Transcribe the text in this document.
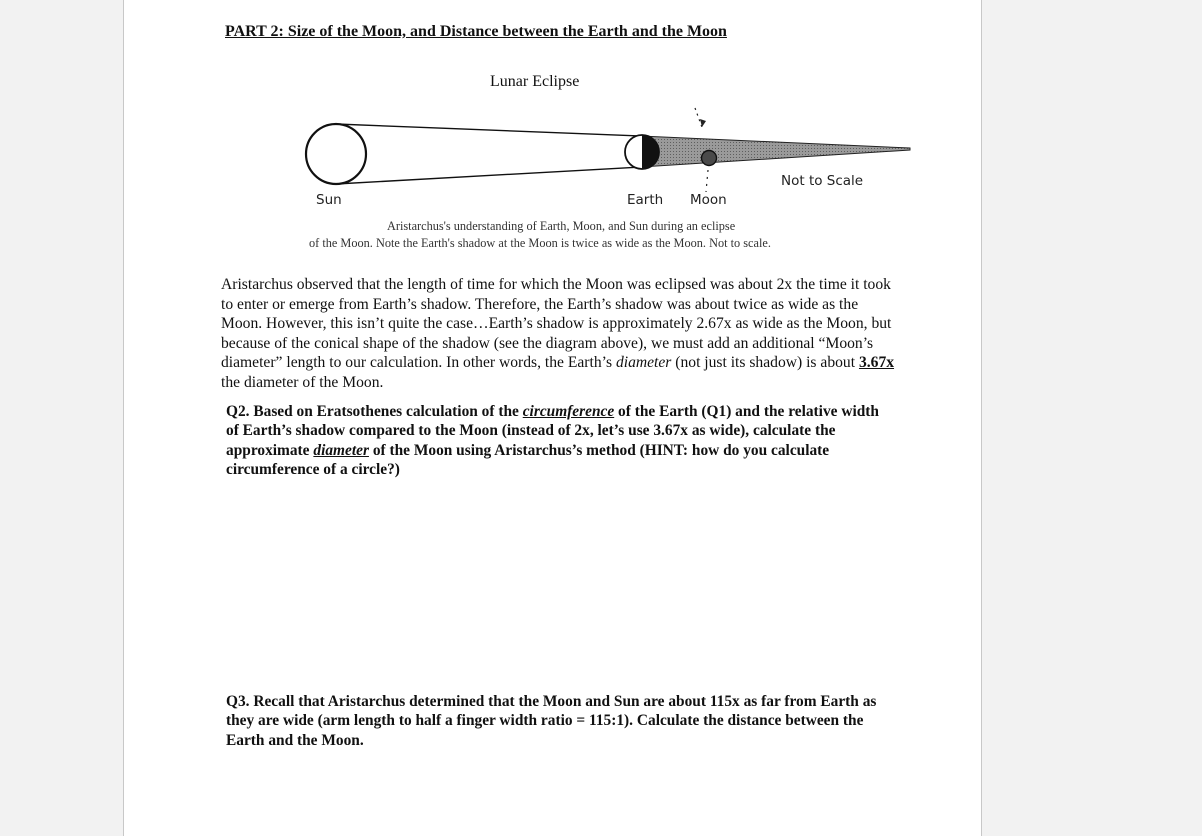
PART 2: Size of the Moon, and Distance between the Earth and the Moon
Lunar Eclipse
Sun	Earth Moon
Not to Scale
Aristarchus's understanding of Earth, Moon, and Sun during an eclipse
of the Moon. Note the Earth's shadow at the Moon is twice as wide as the Moon. Not to scale.
Aristarchus observed that the length of time for which the Moon was eclipsed was about 2x the time it took to enter or emerge from Earth’s shadow. Therefore, the Earth’s shadow was about twice as wide as the Moon. However, this isn’t quite the case…Earth’s shadow is approximately 2.67x as wide as the Moon, but because of the conical shape of the shadow (see the diagram above), we must add an additional “Moon’s diameter” length to our calculation. In other words, the Earth’s diameter (not just its shadow) is about 3.67x the diameter of the Moon.
Q2. Based on Eratsothenes calculation of the circumference of the Earth (Q1) and the relative width of Earth’s shadow compared to the Moon (instead of 2x, let’s use 3.67x as wide), calculate the approximate diameter of the Moon using Aristarchus’s method (HINT: how do you calculate circumference of a circle?)
Q3. Recall that Aristarchus determined that the Moon and Sun are about 115x as far from Earth as they are wide (arm length to half a finger width ratio = 115:1). Calculate the distance between the Earth and the Moon.
